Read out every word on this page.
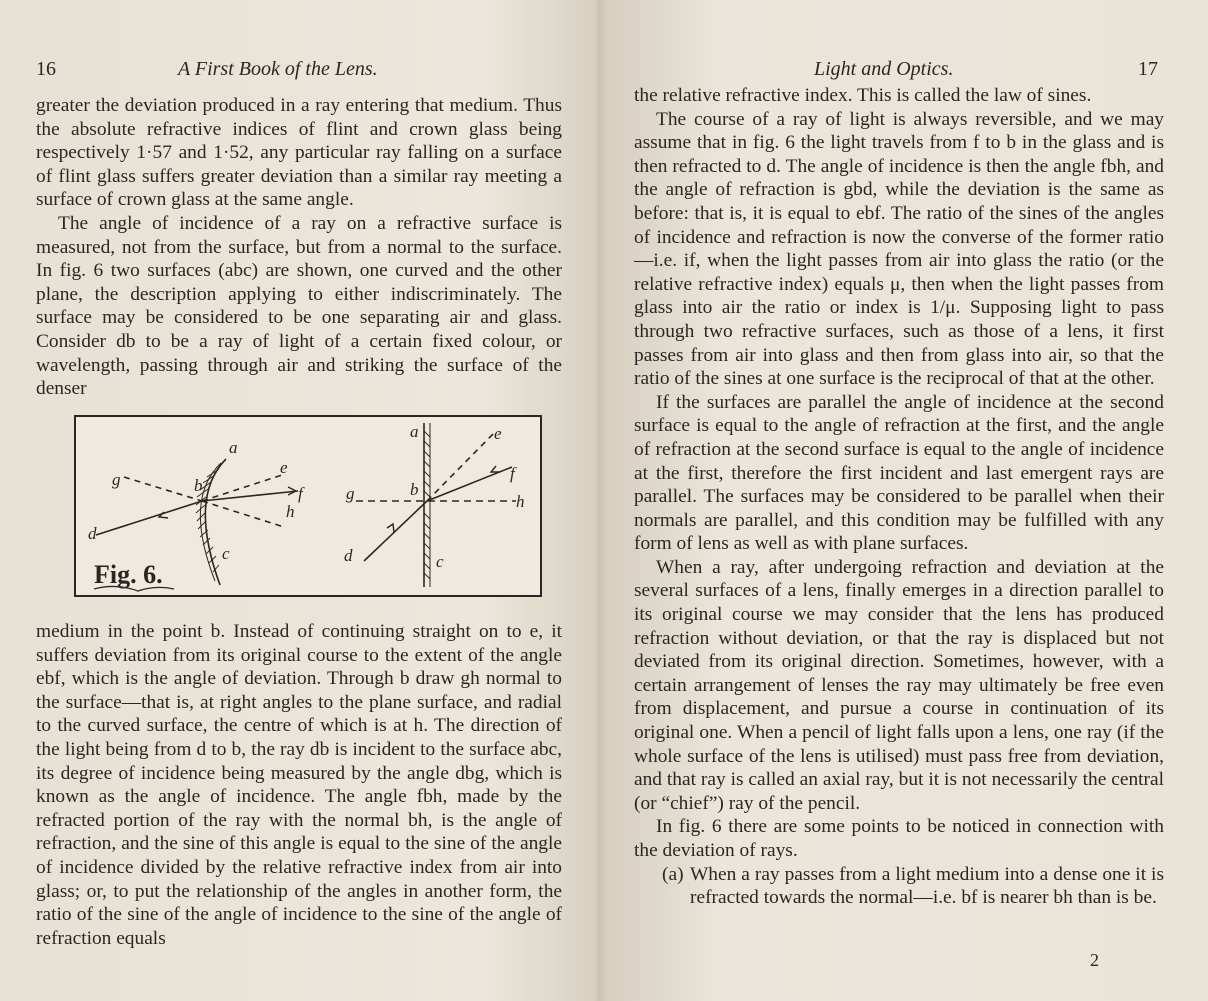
16	A First Book of the Lens.

greater the deviation produced in a ray entering that medium. Thus the absolute refractive indices of flint and crown glass being respectively 1·57 and 1·52, any particular ray falling on a surface of flint glass suffers greater deviation than a similar ray meeting a surface of crown glass at the same angle.

The angle of incidence of a ray on a refractive surface is measured, not from the surface, but from a normal to the surface. In fig. 6 two surfaces (abc) are shown, one curved and the other plane, the description applying to either indiscriminately. The surface may be considered to be one separating air and glass. Consider db to be a ray of light of a certain fixed colour, or wavelength, passing through air and striking the surface of the denser

a
b
c
d
e
f
g
h
a
b
c
d
e
f
g	h
Fig. 6.

medium in the point b. Instead of continuing straight on to e, it suffers deviation from its original course to the extent of the angle ebf, which is the angle of deviation. Through b draw gh normal to the surface—that is, at right angles to the plane surface, and radial to the curved surface, the centre of which is at h. The direction of the light being from d to b, the ray db is incident to the surface abc, its degree of incidence being measured by the angle dbg, which is known as the angle of incidence. The angle fbh, made by the refracted portion of the ray with the normal bh, is the angle of refraction, and the sine of this angle is equal to the sine of the angle of incidence divided by the relative refractive index from air into glass; or, to put the relationship of the angles in another form, the ratio of the sine of the angle of incidence to the sine of the angle of refraction equals

Light and Optics.	17

the relative refractive index. This is called the law of sines.

The course of a ray of light is always reversible, and we may assume that in fig. 6 the light travels from f to b in the glass and is then refracted to d. The angle of incidence is then the angle fbh, and the angle of refraction is gbd, while the deviation is the same as before: that is, it is equal to ebf. The ratio of the sines of the angles of incidence and refraction is now the converse of the former ratio—i.e. if, when the light passes from air into glass the ratio (or the relative refractive index) equals μ, then when the light passes from glass into air the ratio or index is 1/μ. Supposing light to pass through two refractive surfaces, such as those of a lens, it first passes from air into glass and then from glass into air, so that the ratio of the sines at one surface is the reciprocal of that at the other.

If the surfaces are parallel the angle of incidence at the second surface is equal to the angle of refraction at the first, and the angle of refraction at the second surface is equal to the angle of incidence at the first, therefore the first incident and last emergent rays are parallel. The surfaces may be considered to be parallel when their normals are parallel, and this condition may be fulfilled with any form of lens as well as with plane surfaces.

When a ray, after undergoing refraction and deviation at the several surfaces of a lens, finally emerges in a direction parallel to its original course we may consider that the lens has produced refraction without deviation, or that the ray is displaced but not deviated from its original direction. Sometimes, however, with a certain arrangement of lenses the ray may ultimately be free even from displacement, and pursue a course in continuation of its original one. When a pencil of light falls upon a lens, one ray (if the whole surface of the lens is utilised) must pass free from deviation, and that ray is called an axial ray, but it is not necessarily the central (or “chief”) ray of the pencil.

In fig. 6 there are some points to be noticed in connection with the deviation of rays.

(a) When a ray passes from a light medium into a dense one it is refracted towards the normal—i.e. bf is nearer bh than is be.
2
